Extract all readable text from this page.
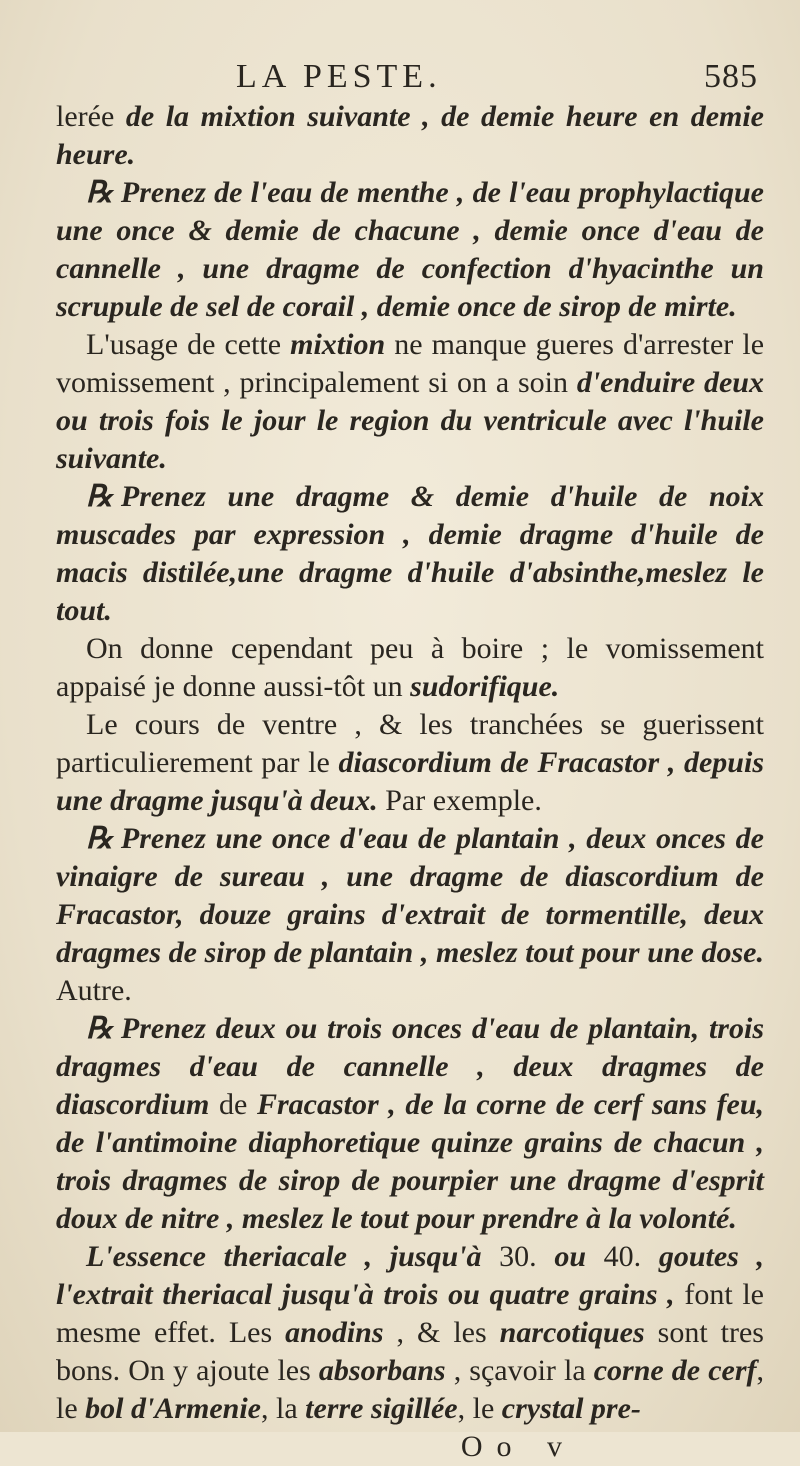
LA PESTE.	585

lerée de la mixtion suivante , de demie heure en demie heure.

℞ Prenez de l'eau de menthe , de l'eau prophylactique une once & demie de chacune , demie once d'eau de cannelle , une dragme de confection d'hyacinthe un scrupule de sel de corail , demie once de sirop de mirte.

L'usage de cette mixtion ne manque gueres d'arrester le vomissement , principalement si on a soin d'enduire deux ou trois fois le jour le region du ventricule avec l'huile suivante.

℞ Prenez une dragme & demie d'huile de noix muscades par expression , demie dragme d'huile de macis distilée,une dragme d'huile d'absinthe,meslez le tout.

On donne cependant peu à boire ; le vomissement appaisé je donne aussi-tôt un sudorifique.

Le cours de ventre , & les tranchées se guerissent particulierement par le diascordium de Fracastor , depuis une dragme jusqu'à deux. Par exemple.

℞ Prenez une once d'eau de plantain , deux onces de vinaigre de sureau , une dragme de diascordium de Fracastor, douze grains d'extrait de tormentille, deux dragmes de sirop de plantain , meslez tout pour une dose. Autre.

℞ Prenez deux ou trois onces d'eau de plantain, trois dragmes d'eau de cannelle , deux dragmes de diascordium de Fracastor , de la corne de cerf sans feu, de l'antimoine diaphoretique quinze grains de chacun , trois dragmes de sirop de pourpier une dragme d'esprit doux de nitre , meslez le tout pour prendre à la volonté.

L'essence theriacale , jusqu'à 30. ou 40. goutes , l'extrait theriacal jusqu'à trois ou quatre grains , font le mesme effet. Les anodins , & les narcotiques sont tres bons. On y ajoute les absorbans , sçavoir la corne de cerf, le bol d'Armenie, la terre sigillée, le crystal pre-

Oo v
